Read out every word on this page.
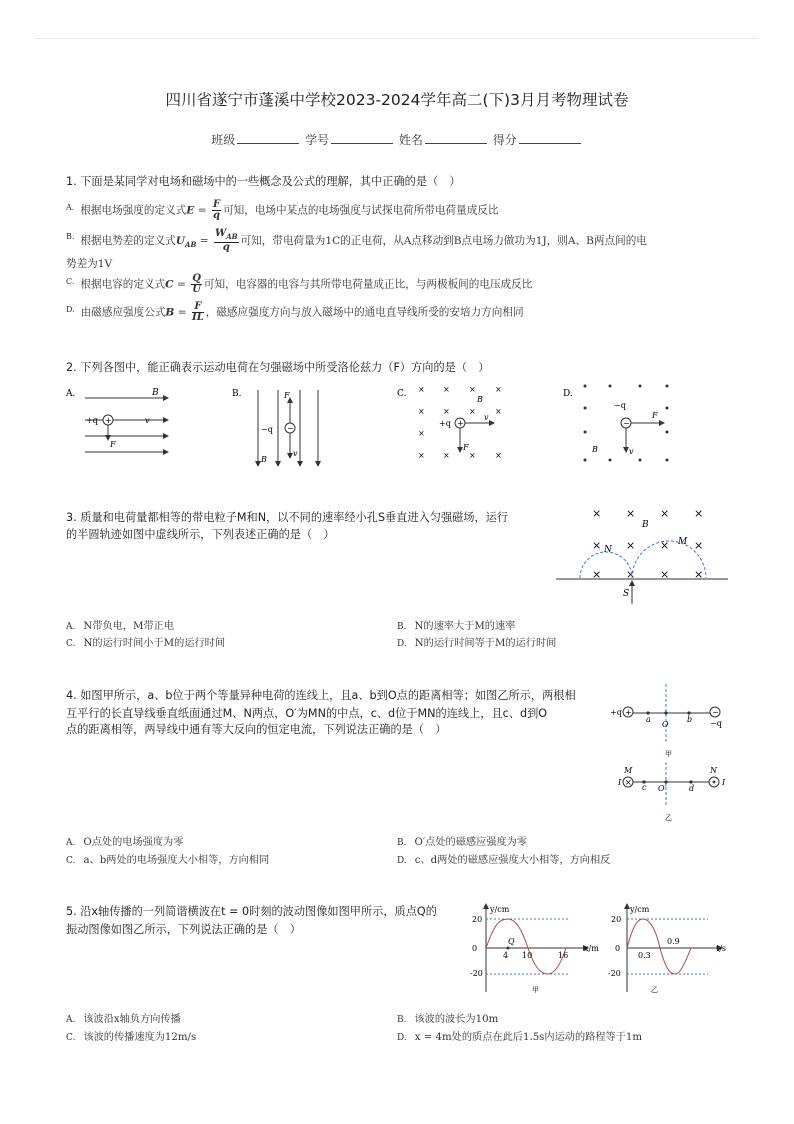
四川省遂宁市蓬溪中学校2023-2024学年高二(下)3月月考物理试卷
班级	学号	姓名	得分
1. 下面是某同学对电场和磁场中的一些概念及公式的理解，其中正确的是（　）
$^{A.}$ 根据电场强度的定义式$E = \frac{F}{q}$ 可知，电场中某点的电场强度与试探电荷所带电荷量成反比
$^{B.}$ 根据电势差的定义式$U_{AB}$ =
$W_{AB}$
q
可知，带电荷量为1C的正电荷，从A点移动到B点电场力做功为1J，则A、B两点间的电
势差为1V
$^{C.}$ 根据电容的定义式$C = \frac{Q}{U}$ 可知，电容器的电容与其所带电荷量成正比，与两极板间的电压成反比
$^{D.}$ 由磁感应强度公式$B = \frac{F}{IL}$ ，磁感应强度方向与放入磁场中的通电直导线所受的安培力方向相同
2. 下列各图中，能正确表示运动电荷在匀强磁场中所受洛伦兹力（F）方向的是（　）
A.	B
+
+q	v
F
B.
−
−q
F
v
B
C. × × × ×
× × × ×
× × × ×
×
B
+
+q
v
F
D.
−q
−
F
v
B
3. 质量和电荷量都相等的带电粒子M和N，以不同的速率经小孔S垂直进入匀强磁场，运行
的半圆轨迹如图中虚线所示，下列表述正确的是（　）
× × × ×
B
× × × ×
× × × ×
N
M
S
A. N带负电，M带正电	B. N的速率大于M的速率
C. N的运行时间小于M的运行时间	D. N的运行时间等于M的运行时间
4. 如图甲所示，a、b位于两个等量异种电荷的连线上，且a、b到O点的距离相等；如图乙所示，两根相
互平行的长直导线垂直纸面通过M、N两点，O′为MN的中点，c、d位于MN的连线上，且c、d到O
点的距离相等，两导线中通有等大反向的恒定电流，下列说法正确的是（　）
+
+q	−
−q
a
O
b
甲
×
M
I
N
I
c O′	d
乙
A. O点处的电场强度为零	B. O′点处的磁感应强度为零
C. a、b两处的电场强度大小相等，方向相同	D. c、d两处的磁感应强度大小相等，方向相反
5. 沿x轴传播的一列简谐横波在t = 0时刻的波动图像如图甲所示，质点Q的
振动图像如图乙所示，下列说法正确的是（　）
y/cm
x/m
20
0
-20
Q
4 10	16
甲
y/cm
t/s
20
0
-20
0.3
0.9
乙
A. 该波沿x轴负方向传播	B. 该波的波长为10m
C. 该波的传播速度为12m/s	D. x = 4m处的质点在此后1.5s内运动的路程等于1m
